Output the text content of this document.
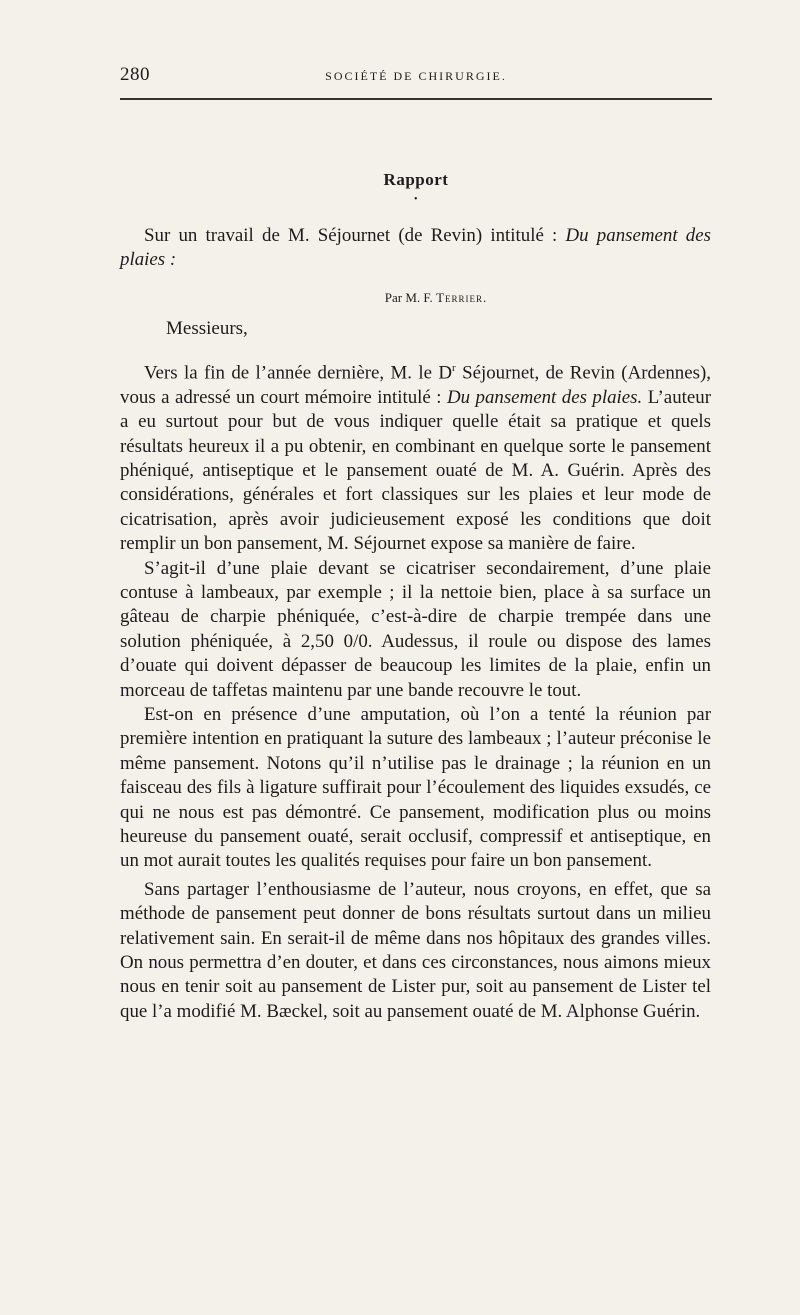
280	SOCIÉTÉ DE CHIRURGIE.
Rapport
•

Sur un travail de M. Séjournet (de Revin) intitulé : Du pansement des plaies :

Par M. F. Terrier.
Messieurs,

Vers la fin de l’année dernière, M. le $D^r$ Séjournet, de Revin (Ardennes), vous a adressé un court mémoire intitulé : Du pansement des plaies. L’auteur a eu surtout pour but de vous indiquer quelle était sa pratique et quels résultats heureux il a pu obtenir, en combinant en quelque sorte le pansement phéniqué, antiseptique et le pansement ouaté de M. A. Guérin. Après des considérations, générales et fort classiques sur les plaies et leur mode de cicatrisation, après avoir judicieusement exposé les conditions que doit remplir un bon pansement, M. Séjournet expose sa manière de faire.

S’agit-il d’une plaie devant se cicatriser secondairement, d’une plaie contuse à lambeaux, par exemple ; il la nettoie bien, place à sa surface un gâteau de charpie phéniquée, c’est-à-dire de charpie trempée dans une solution phéniquée, à 2,50 0/0. Audessus, il roule ou dispose des lames d’ouate qui doivent dépasser de beaucoup les limites de la plaie, enfin un morceau de taffetas maintenu par une bande recouvre le tout.

Est-on en présence d’une amputation, où l’on a tenté la réunion par première intention en pratiquant la suture des lambeaux ; l’auteur préconise le même pansement. Notons qu’il n’utilise pas le drainage ; la réunion en un faisceau des fils à ligature suffirait pour l’écoulement des liquides exsudés, ce qui ne nous est pas démontré. Ce pansement, modification plus ou moins heureuse du pansement ouaté, serait occlusif, compressif et antiseptique, en un mot aurait toutes les qualités requises pour faire un bon pansement.

Sans partager l’enthousiasme de l’auteur, nous croyons, en effet, que sa méthode de pansement peut donner de bons résultats surtout dans un milieu relativement sain. En serait-il de même dans nos hôpitaux des grandes villes. On nous permettra d’en douter, et dans ces circonstances, nous aimons mieux nous en tenir soit au pansement de Lister pur, soit au pansement de Lister tel que l’a modifié M. Bæckel, soit au pansement ouaté de M. Alphonse Guérin.
